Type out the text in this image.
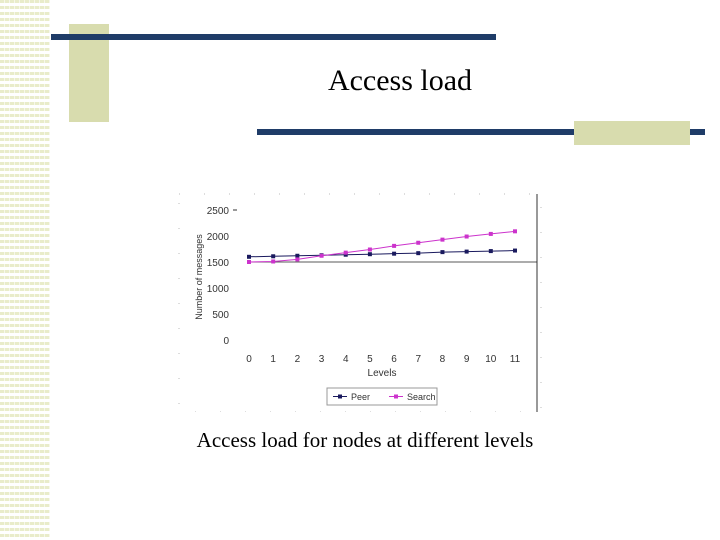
Access load
0
500
1000
1500
2000
2500
Number of messages
0 1 2 3 4 5 6 7 8 9 10 11
Levels
Peer	Search
Access load for nodes at different levels
